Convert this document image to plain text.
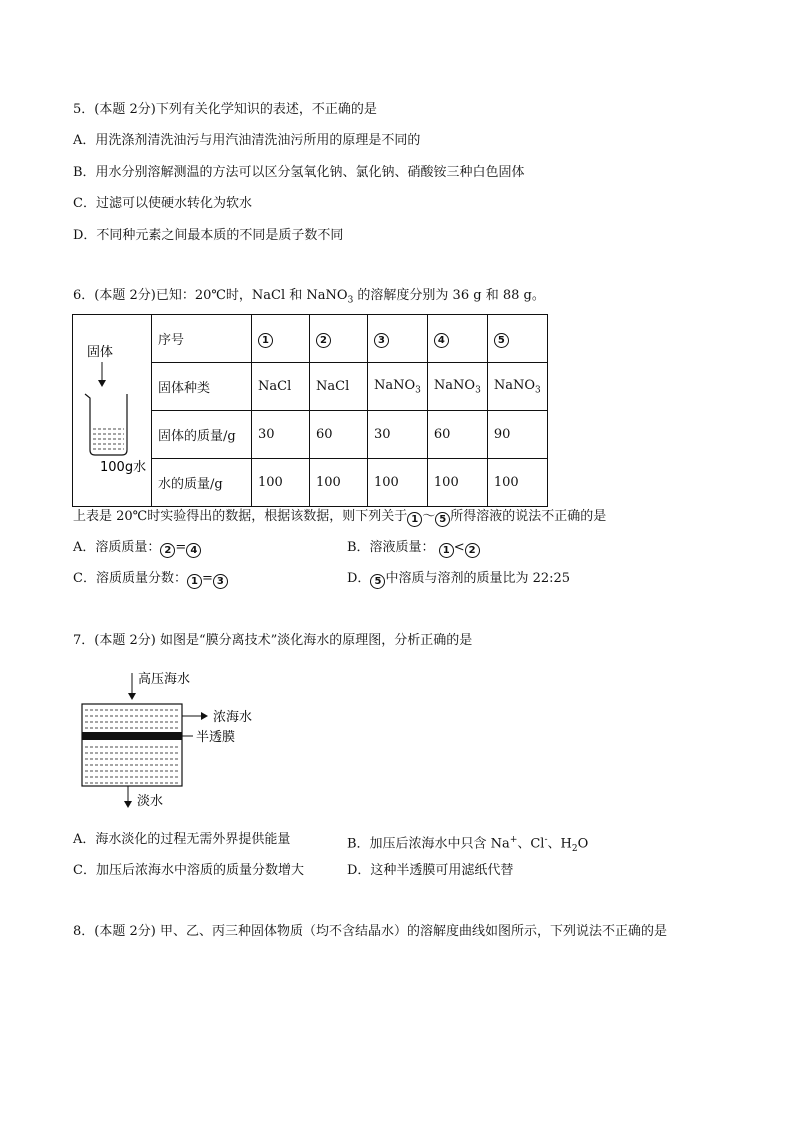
5．(本题 2分)下列有关化学知识的表述，不正确的是
A．用洗涤剂清洗油污与用汽油清洗油污所用的原理是不同的
B．用水分别溶解测温的方法可以区分氢氧化钠、氯化钠、硝酸铵三种白色固体
C．过滤可以使硬水转化为软水
D．不同种元素之间最本质的不同是质子数不同
6．(本题 2分)已知：20℃时，NaCl 和 NaNO$_3$ 的溶解度分别为 36 g 和 88 g。
固体
100g水	序号	1	2	3	4	5
	固体种类	NaCl	NaCl	NaNO$_3$	NaNO$_3$	NaNO$_3$
	固体的质量/g	30	60	30	60	90
	水的质量/g	100	100	100	100	100
上表是 20℃时实验得出的数据，根据该数据，则下列关于 1 ～ 5 所得溶液的说法不正确的是
A．溶质质量： 2 = 4	B．溶液质量： 1 < 2
C．溶质质量分数： 1 = 3	D． 5 中溶质与溶剂的质量比为 22:25
7．(本题 2分) 如图是“膜分离技术”淡化海水的原理图，分析正确的是
高压海水
浓海水
半透膜
淡水
A．海水淡化的过程无需外界提供能量	B．加压后浓海水中只含 Na+、Cl-、$H_2O$
C．加压后浓海水中溶质的质量分数增大	D．这种半透膜可用滤纸代替
8．(本题 2分) 甲、乙、丙三种固体物质（均不含结晶水）的溶解度曲线如图所示，下列说法不正确的是
